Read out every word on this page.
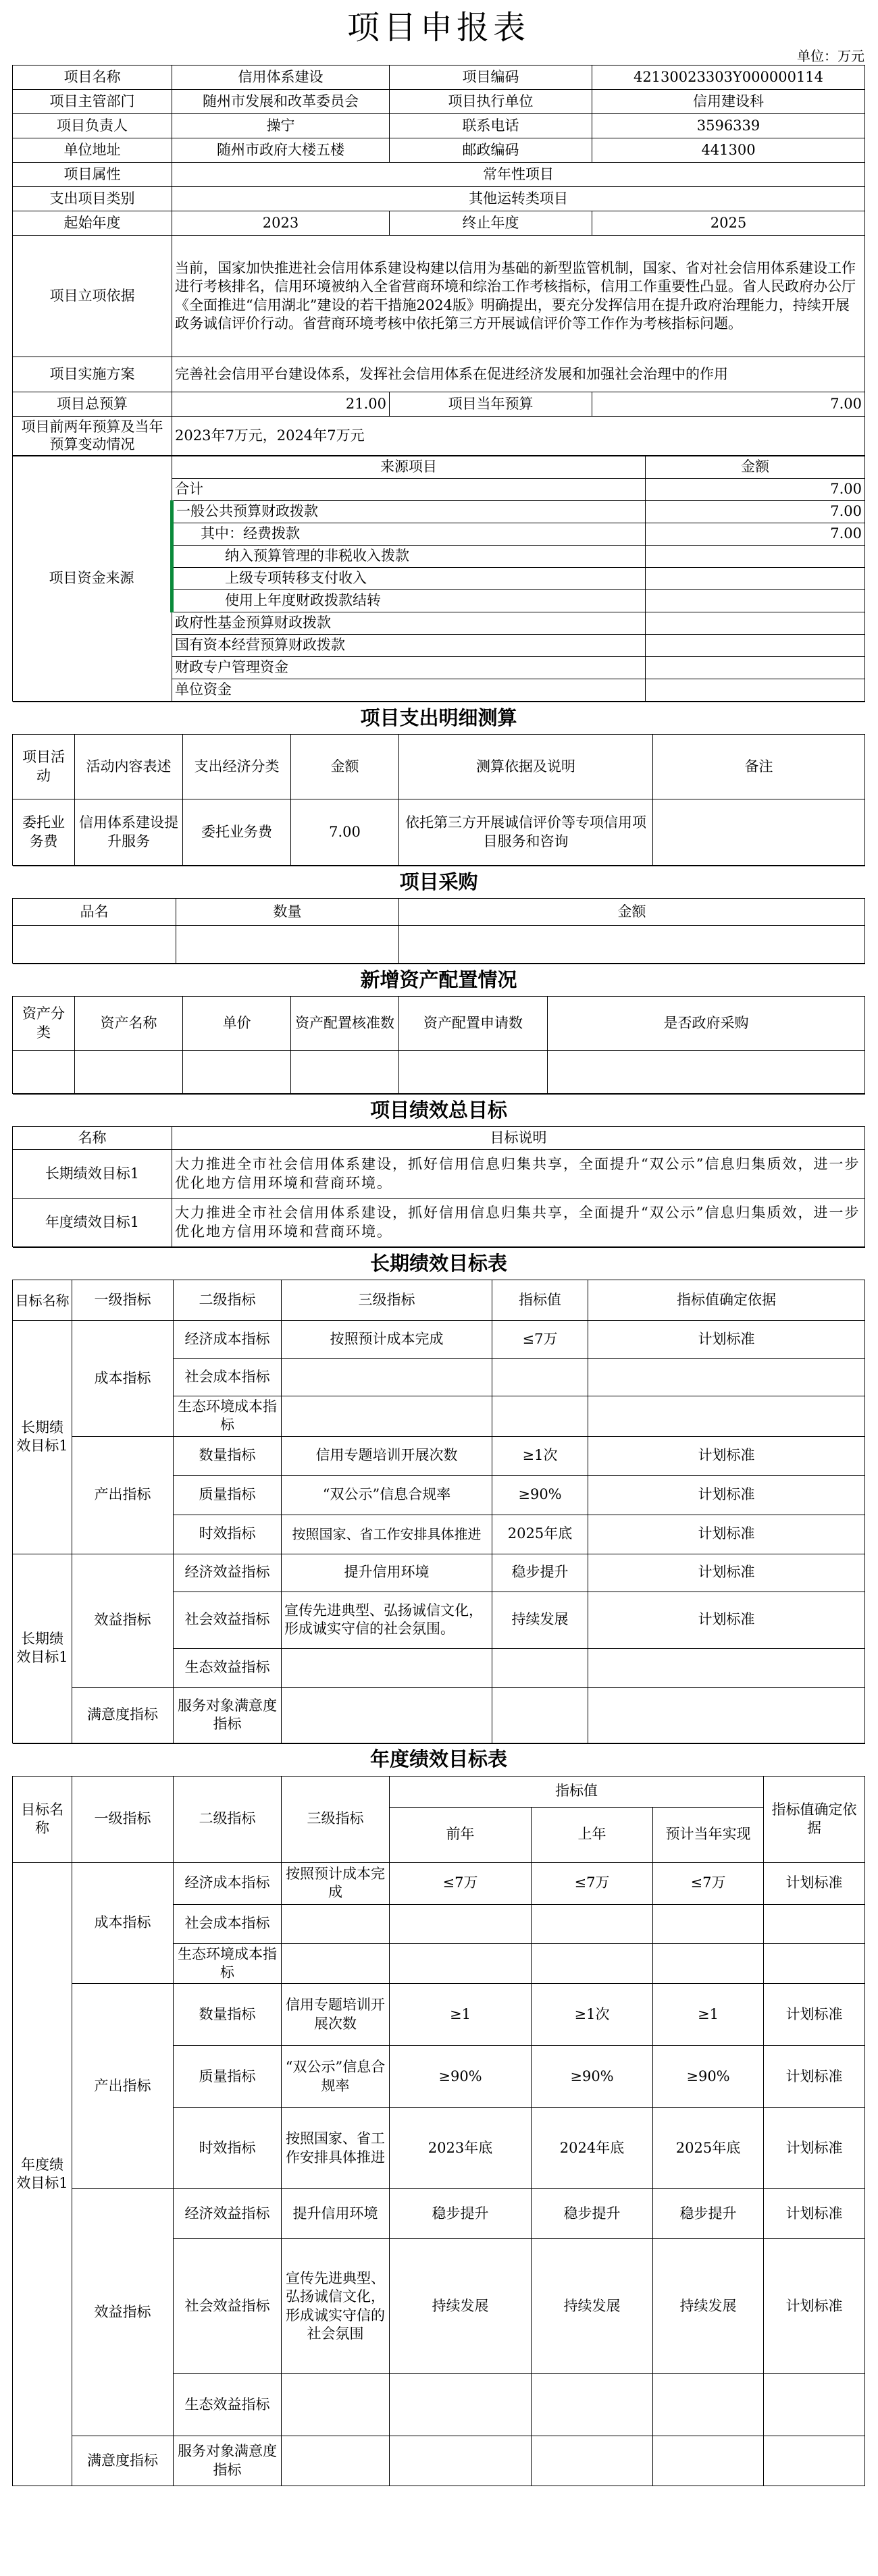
项目申报表
单位：万元
项目名称	信用体系建设	项目编码	42130023303Y000000114
项目主管部门	随州市发展和改革委员会	项目执行单位	信用建设科
项目负责人	操宁	联系电话	3596339
单位地址	随州市政府大楼五楼	邮政编码	441300
项目属性	常年性项目		
支出项目类别	其他运转类项目		
起始年度	2023	终止年度	2025
项目立项依据	当前，国家加快推进社会信用体系建设构建以信用为基础的新型监管机制，国家、省对社会信用体系建设工作进行考核排名，信用环境被纳入全省营商环境和综治工作考核指标，信用工作重要性凸显。省人民政府办公厅《全面推进“信用湖北”建设的若干措施2024版》明确提出，要充分发挥信用在提升政府治理能力，持续开展政务诚信评价行动。省营商环境考核中依托第三方开展诚信评价等工作作为考核指标问题。		
项目实施方案	完善社会信用平台建设体系，发挥社会信用体系在促进经济发展和加强社会治理中的作用		
项目总预算	21.00	项目当年预算	7.00
项目前两年预算及当年预算变动情况	2023年7万元，2024年7万元		
项目资金来源	来源项目	金额
	合计	7.00
	一般公共预算财政拨款	7.00
	其中：经费拨款	7.00
	纳入预算管理的非税收入拨款	
	上级专项转移支付收入	
	使用上年度财政拨款结转	
	政府性基金预算财政拨款	
	国有资本经营预算财政拨款	
	财政专户管理资金	
	单位资金	
项目支出明细测算					
项目活动	活动内容表述	支出经济分类	金额	测算依据及说明	备注
委托业务费	信用体系建设提升服务	委托业务费	7.00	依托第三方开展诚信评价等专项信用项目服务和咨询	
项目采购		
品名	数量	金额

新增资产配置情况					
资产分类	资产名称	单价	资产配置核准数	资产配置申请数	是否政府采购

项目绩效总目标	
名称	目标说明
长期绩效目标1	大力推进全市社会信用体系建设，抓好信用信息归集共享，全面提升“双公示”信息归集质效，进一步优化地方信用环境和营商环境。
年度绩效目标1	大力推进全市社会信用体系建设，抓好信用信息归集共享，全面提升“双公示”信息归集质效，进一步优化地方信用环境和营商环境。
长期绩效目标表					
目标名称	一级指标	二级指标	三级指标	指标值	指标值确定依据
长期绩效目标1	成本指标	经济成本指标	按照预计成本完成	≤7万	计划标准
		社会成本指标			
		生态环境成本指标			
	产出指标	数量指标	信用专题培训开展次数	≥1次	计划标准
		质量指标	“双公示”信息合规率	≥90%	计划标准
		时效指标	按照国家、省工作安排具体推进	2025年底	计划标准
长期绩效目标1	效益指标	经济效益指标	提升信用环境	稳步提升	计划标准
		社会效益指标	宣传先进典型、弘扬诚信文化，形成诚实守信的社会氛围。	持续发展	计划标准
		生态效益指标			
	满意度指标	服务对象满意度指标			
年度绩效目标表							
目标名称	一级指标	二级指标	三级指标	指标值			指标值确定依据
				前年	上年	预计当年实现	
年度绩效目标1	成本指标	经济成本指标	按照预计成本完成	≤7万	≤7万	≤7万	计划标准
		社会成本指标					
		生态环境成本指标					
	产出指标	数量指标	信用专题培训开展次数	≥1	≥1次	≥1	计划标准
		质量指标	“双公示”信息合规率	≥90%	≥90%	≥90%	计划标准
		时效指标	按照国家、省工作安排具体推进	2023年底	2024年底	2025年底	计划标准
	效益指标	经济效益指标	提升信用环境	稳步提升	稳步提升	稳步提升	计划标准
		社会效益指标	宣传先进典型、弘扬诚信文化，形成诚实守信的社会氛围	持续发展	持续发展	持续发展	计划标准
		生态效益指标					
	满意度指标	服务对象满意度指标					
